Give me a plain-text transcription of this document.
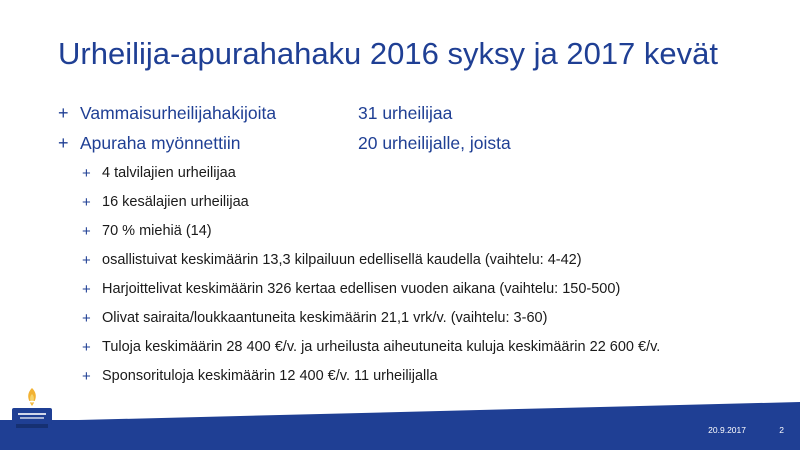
Urheilija-apurahahaku 2016 syksy ja 2017 kevät
+ Vammaisurheilijahakijoita	31 urheilijaa
+ Apuraha myönnettiin	20 urheilijalle, joista
+ 4 talvilajien urheilijaa
+ 16 kesälajien urheilijaa
+ 70 % miehiä (14)
+ osallistuivat keskimäärin 13,3 kilpailuun edellisellä kaudella (vaihtelu: 4-42)
+ Harjoittelivat keskimäärin 326 kertaa edellisen vuoden aikana (vaihtelu: 150-500)
+ Olivat sairaita/loukkaantuneita keskimäärin 21,1 vrk/v. (vaihtelu: 3-60)
+ Tuloja keskimäärin 28 400 €/v. ja urheilusta aiheutuneita kuluja keskimäärin 22 600 €/v.
+ Sponsorituloja keskimäärin 12 400 €/v. 11 urheilijalla
20.9.2017	2
